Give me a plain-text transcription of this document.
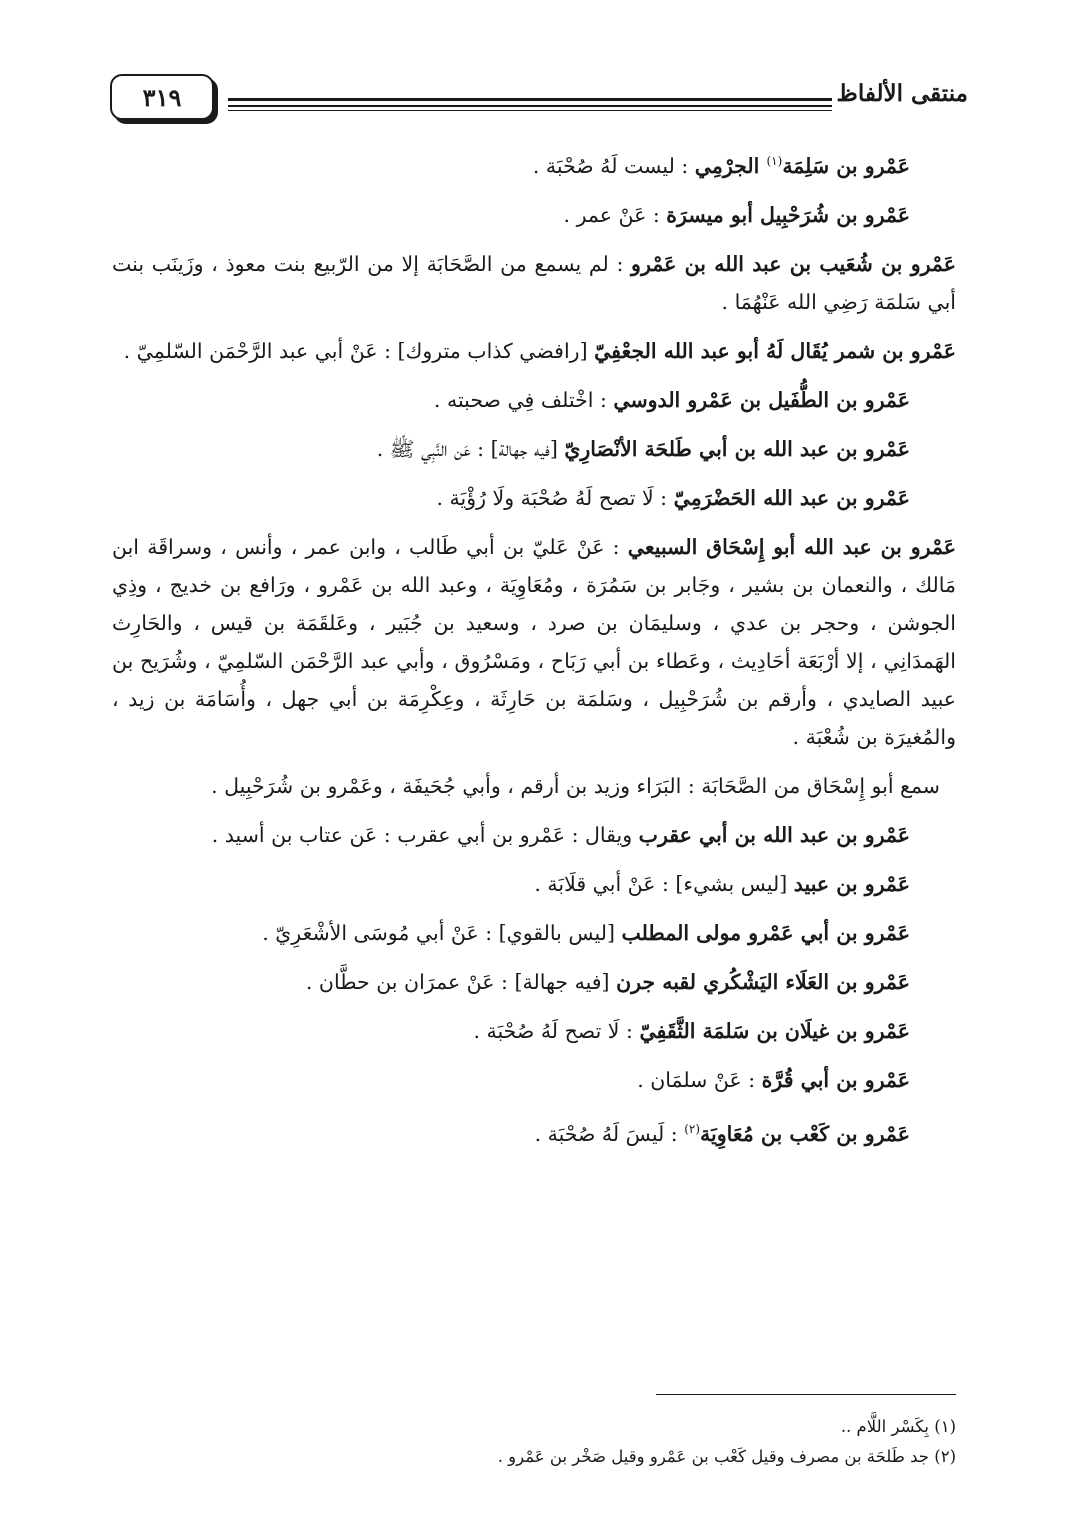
٣١٩	منتقى الألفاظ

عَمْرو بن سَلِمَة$^{(١)}$ الجرْمِي : ليست لَهُ صُحْبَة .

عَمْرو بن شُرَحْبِيل أبو ميسرَة : عَنْ عمر .

عَمْرو بن شُعَيب بن عبد الله بن عَمْرو : لم يسمع من الصَّحَابَة إلا من الرّبيع بنت معوذ ، وزَينَب بنت أبي سَلمَة رَضِي الله عَنْهُمَا .

عَمْرو بن شمر يُقَال لَهُ أبو عبد الله الجعْفِيّ [رافضي كذاب متروك] : عَنْ أبي عبد الرَّحْمَن السّلمِيّ .

عَمْرو بن الطُّفَيل بن عَمْرو الدوسي : اخْتلف فِي صحبته .

عَمْرو بن عبد الله بن أبي طَلحَة الأنْصَارِيّ [فيه جهالة] : عَن النَّبِي ﷺ .

عَمْرو بن عبد الله الحَضْرَمِيّ : لَا تصح لَهُ صُحْبَة ولَا رُؤْيَة .

عَمْرو بن عبد الله أبو إِسْحَاق السبيعي : عَنْ عَليّ بن أبي طَالب ، وابن عمر ، وأنس ، وسراقَة ابن مَالك ، والنعمان بن بشير ، وجَابر بن سَمُرَة ، ومُعَاوِيَة ، وعبد الله بن عَمْرو ، ورَافع بن خديج ، وذِي الجوشن ، وحجر بن عدي ، وسليمَان بن صرد ، وسعيد بن جُبَير ، وعَلقَمَة بن قيس ، والحَارِث الهَمدَانِي ، إلا أرْبَعَة أحَادِيث ، وعَطاء بن أبي رَبَاح ، ومَسْرُوق ، وأبي عبد الرَّحْمَن السّلمِيّ ، وشُرَيح بن عبيد الصايدي ، وأرقم بن شُرَحْبِيل ، وسَلمَة بن حَارِثَة ، وعِكْرِمَة بن أبي جهل ، وأُسَامَة بن زيد ، والمُغيرَة بن شُعْبَة .

سمع أبو إِسْحَاق من الصَّحَابَة : البَرَاء وزيد بن أرقم ، وأبي جُحَيفَة ، وعَمْرو بن شُرَحْبِيل .

عَمْرو بن عبد الله بن أبي عقرب ويقال : عَمْرو بن أبي عقرب : عَن عتاب بن أسيد .

عَمْرو بن عبيد [ليس بشيء] : عَنْ أبي قلَابَة .

عَمْرو بن أبي عَمْرو مولى المطلب [ليس بالقوي] : عَنْ أبي مُوسَى الأشْعَرِيّ .

عَمْرو بن العَلَاء اليَشْكُري لقبه جرن [فيه جهالة] : عَنْ عمرَان بن حطَّان .

عَمْرو بن غيلَان بن سَلمَة الثَّقَفِيّ : لَا تصح لَهُ صُحْبَة .

عَمْرو بن أبي قُرَّة : عَنْ سلمَان .

عَمْرو بن كَعْب بن مُعَاوِيَة$^{(٢)}$ : لَيسَ لَهُ صُحْبَة .

(١) بِكَسْر اللَّام ..
(٢) جد طَلحَة بن مصرف وقيل كَعْب بن عَمْرو وقيل صَخْر بن عَمْرو .
